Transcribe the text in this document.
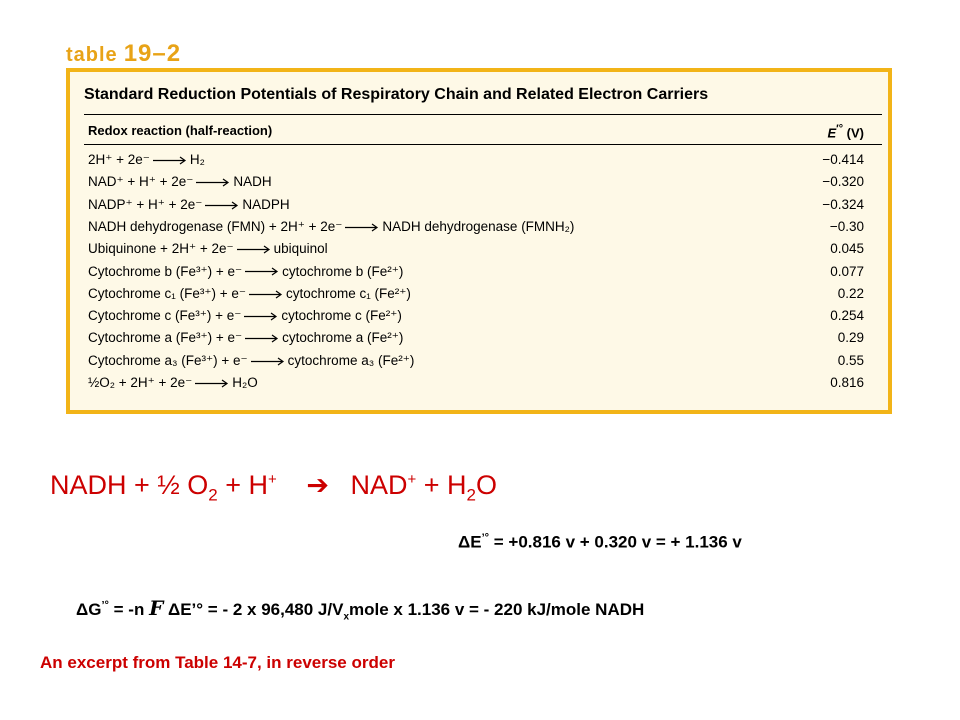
table 19–2
Standard Reduction Potentials of Respiratory Chain and Related Electron Carriers
Redox reaction (half-reaction)	E′° (V)
2H⁺ + 2e⁻ → H₂	−0.414
NAD⁺ + H⁺ + 2e⁻ → NADH	−0.320
NADP⁺ + H⁺ + 2e⁻ → NADPH	−0.324
NADH dehydrogenase (FMN) + 2H⁺ + 2e⁻ → NADH dehydrogenase (FMNH₂)	−0.30
Ubiquinone + 2H⁺ + 2e⁻ → ubiquinol	0.045
Cytochrome b (Fe³⁺) + e⁻ → cytochrome b (Fe²⁺)	0.077
Cytochrome c₁ (Fe³⁺) + e⁻ → cytochrome c₁ (Fe²⁺)	0.22
Cytochrome c (Fe³⁺) + e⁻ → cytochrome c (Fe²⁺)	0.254
Cytochrome a (Fe³⁺) + e⁻ → cytochrome a (Fe²⁺)	0.29
Cytochrome a₃ (Fe³⁺) + e⁻ → cytochrome a₃ (Fe²⁺)	0.55
½O₂ + 2H⁺ + 2e⁻ → H₂O	0.816
NADH + ½ $O_2 + H^+$ ➔ $NAD^+ + H_2O$
ΔE’° = +0.816 v + 0.320 v = + 1.136 v
ΔG’° = -n F ΔE’° = - 2 x 96,480 $J/V_xmole$ x 1.136 v = - 220 kJ/mole NADH
An excerpt from Table 14-7, in reverse order
